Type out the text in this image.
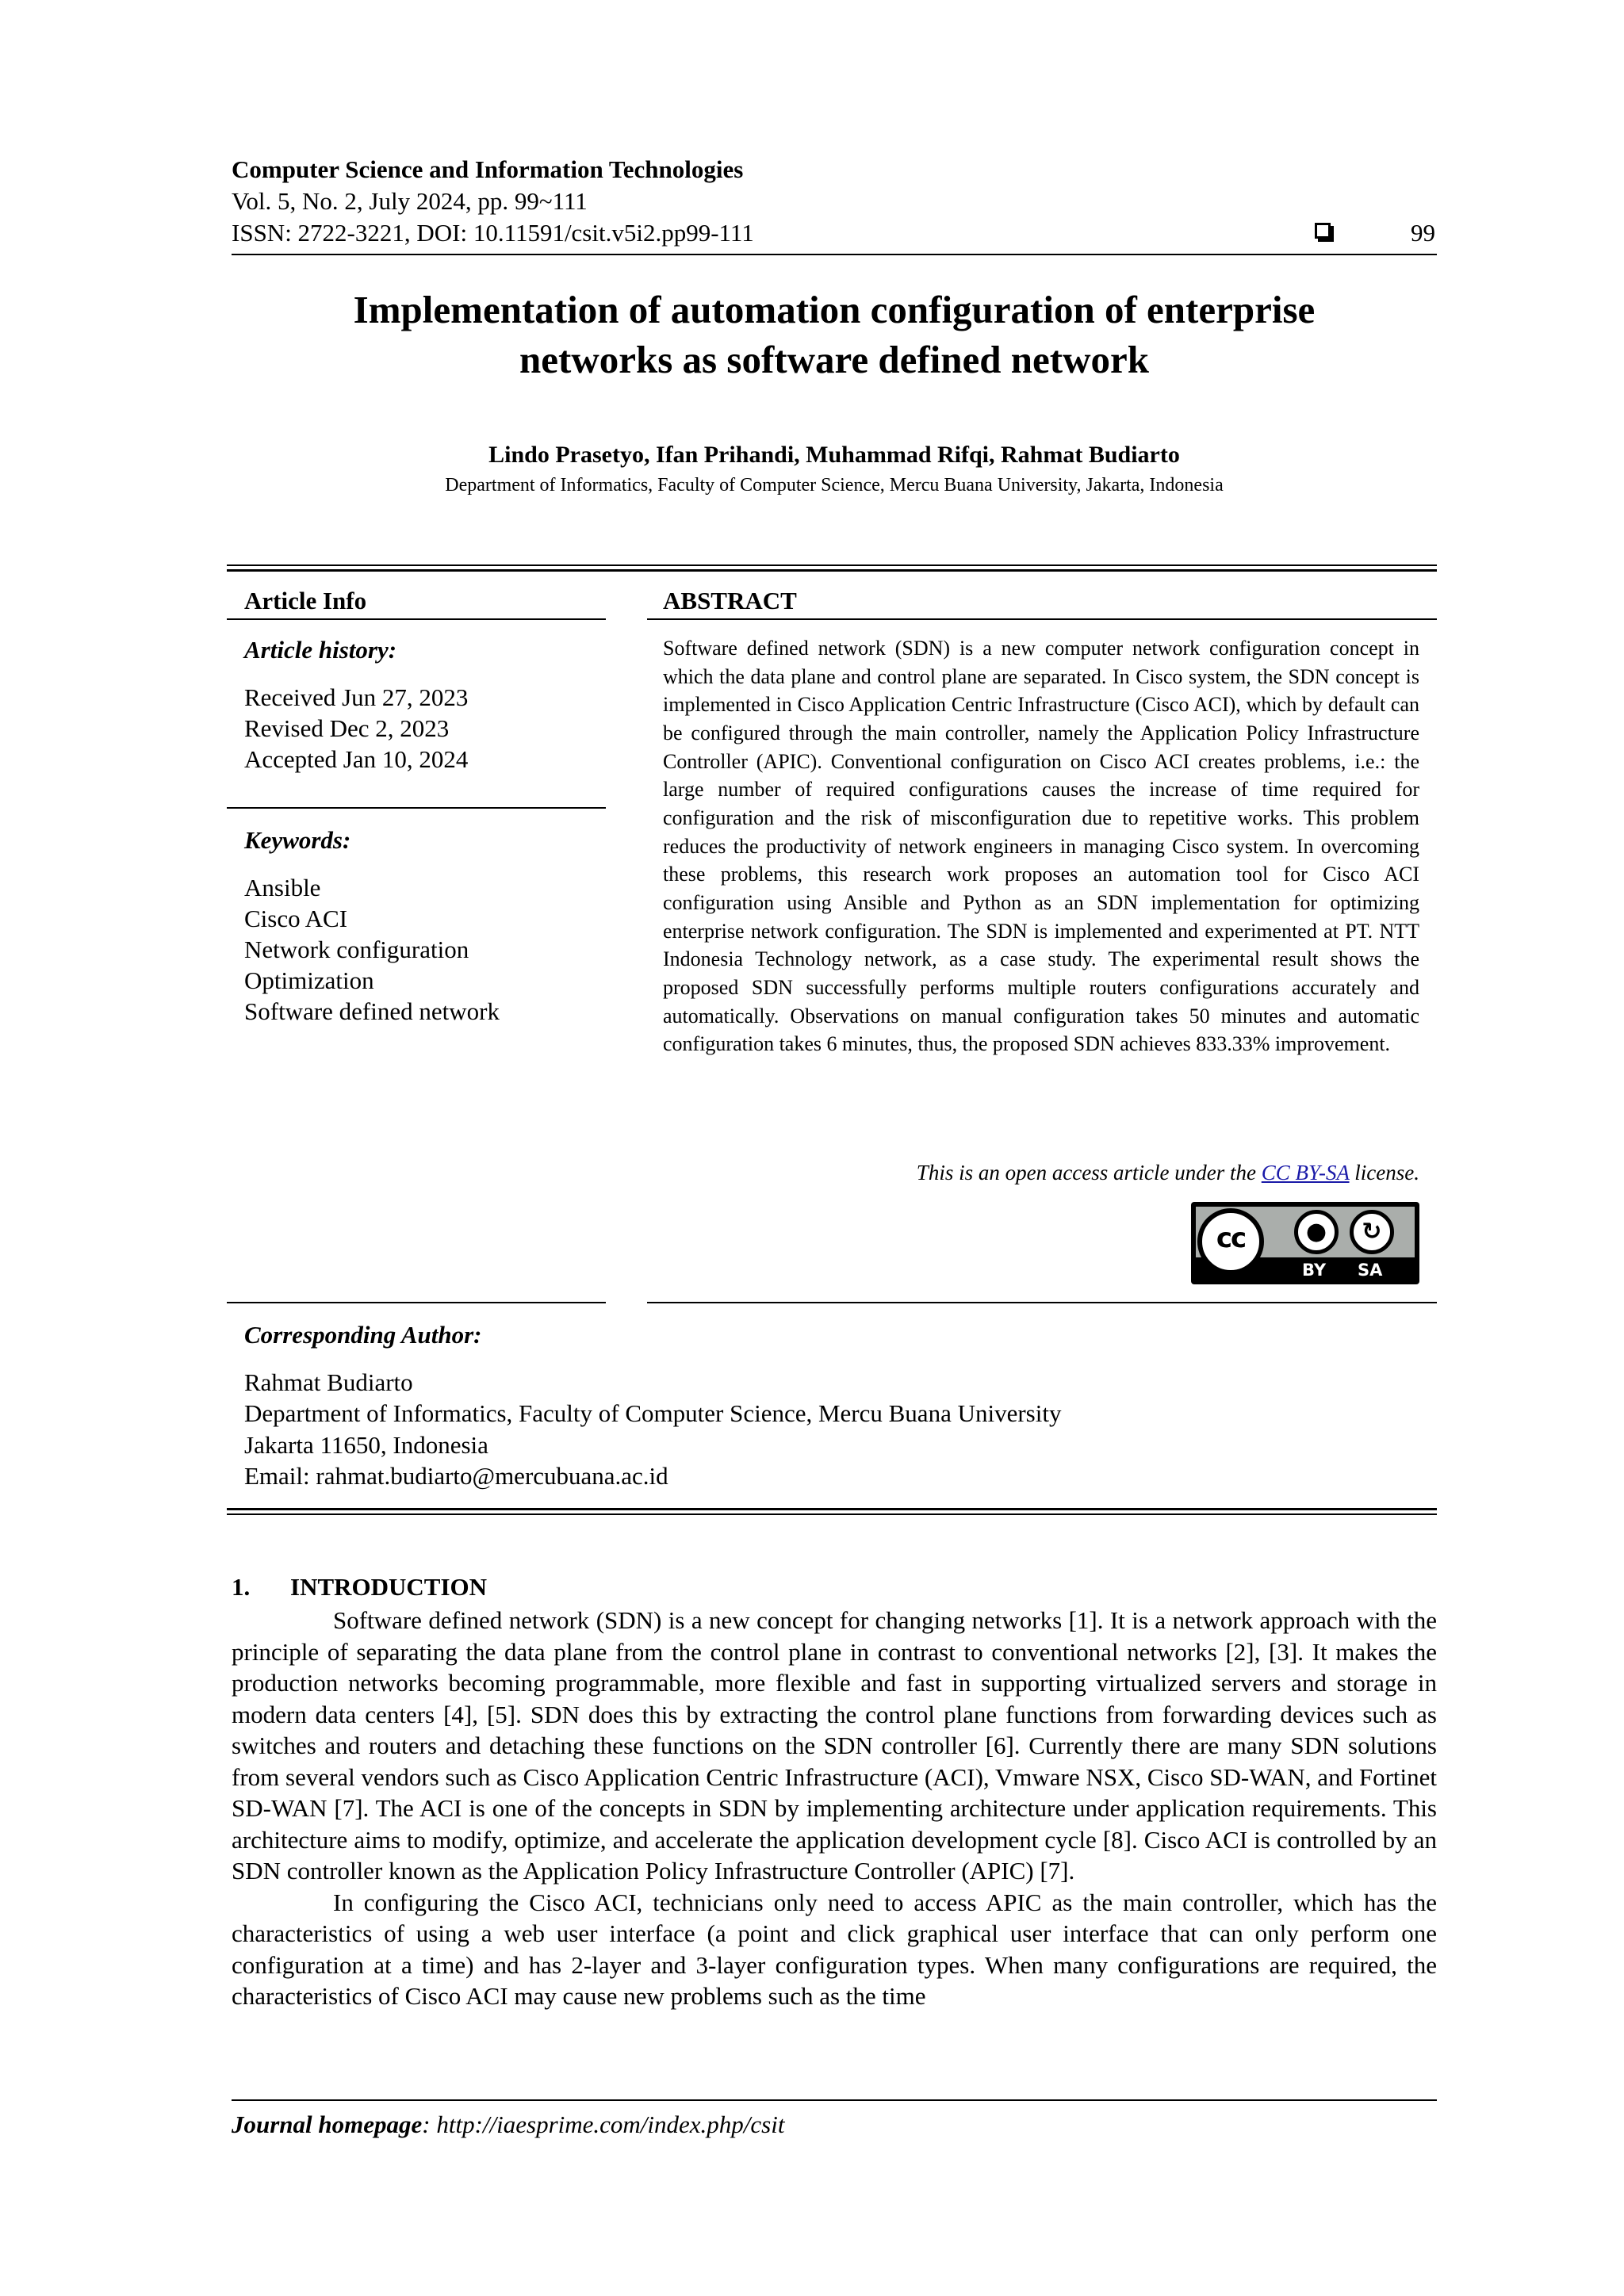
Computer Science and Information Technologies
Vol. 5, No. 2, July 2024, pp. 99~111
ISSN: 2722-3221, DOI: 10.11591/csit.v5i2.pp99-111	99
Implementation of automation configuration of enterprise
networks as software defined network
Lindo Prasetyo, Ifan Prihandi, Muhammad Rifqi, Rahmat Budiarto
Department of Informatics, Faculty of Computer Science, Mercu Buana University, Jakarta, Indonesia
Article Info
Article history:

Received Jun 27, 2023

Revised Dec 2, 2023

Accepted Jan 10, 2024

Keywords:

Ansible

Cisco ACI

Network configuration

Optimization

Software defined network

ABSTRACT
Software defined network (SDN) is a new computer network configuration concept in which the data plane and control plane are separated. In Cisco system, the SDN concept is implemented in Cisco Application Centric Infrastructure (Cisco ACI), which by default can be configured through the main controller, namely the Application Policy Infrastructure Controller (APIC). Conventional configuration on Cisco ACI creates problems, i.e.: the large number of required configurations causes the increase of time required for configuration and the risk of misconfiguration due to repetitive works. This problem reduces the productivity of network engineers in managing Cisco system. In overcoming these problems, this research work proposes an automation tool for Cisco ACI configuration using Ansible and Python as an SDN implementation for optimizing enterprise network configuration. The SDN is implemented and experimented at PT. NTT Indonesia Technology network, as a case study. The experimental result shows the proposed SDN successfully performs multiple routers configurations accurately and automatically. Observations on manual configuration takes 50 minutes and automatic configuration takes 6 minutes, thus, the proposed SDN achieves 833.33% improvement.
This is an open access article under the CC BY-SA license.
cc	●	↻
BY SA
Corresponding Author:
Rahmat Budiarto
Department of Informatics, Faculty of Computer Science, Mercu Buana University
Jakarta 11650, Indonesia
Email: rahmat.budiarto@mercubuana.ac.id
1. INTRODUCTION

Software defined network (SDN) is a new concept for changing networks [1]. It is a network approach with the principle of separating the data plane from the control plane in contrast to conventional networks [2], [3]. It makes the production networks becoming programmable, more flexible and fast in supporting virtualized servers and storage in modern data centers [4], [5]. SDN does this by extracting the control plane functions from forwarding devices such as switches and routers and detaching these functions on the SDN controller [6]. Currently there are many SDN solutions from several vendors such as Cisco Application Centric Infrastructure (ACI), Vmware NSX, Cisco SD-WAN, and Fortinet SD-WAN [7]. The ACI is one of the concepts in SDN by implementing architecture under application requirements. This architecture aims to modify, optimize, and accelerate the application development cycle [8]. Cisco ACI is controlled by an SDN controller known as the Application Policy Infrastructure Controller (APIC) [7].

In configuring the Cisco ACI, technicians only need to access APIC as the main controller, which has the characteristics of using a web user interface (a point and click graphical user interface that can only perform one configuration at a time) and has 2-layer and 3-layer configuration types. When many configurations are required, the characteristics of Cisco ACI may cause new problems such as the time

Journal homepage: http://iaesprime.com/index.php/csit
